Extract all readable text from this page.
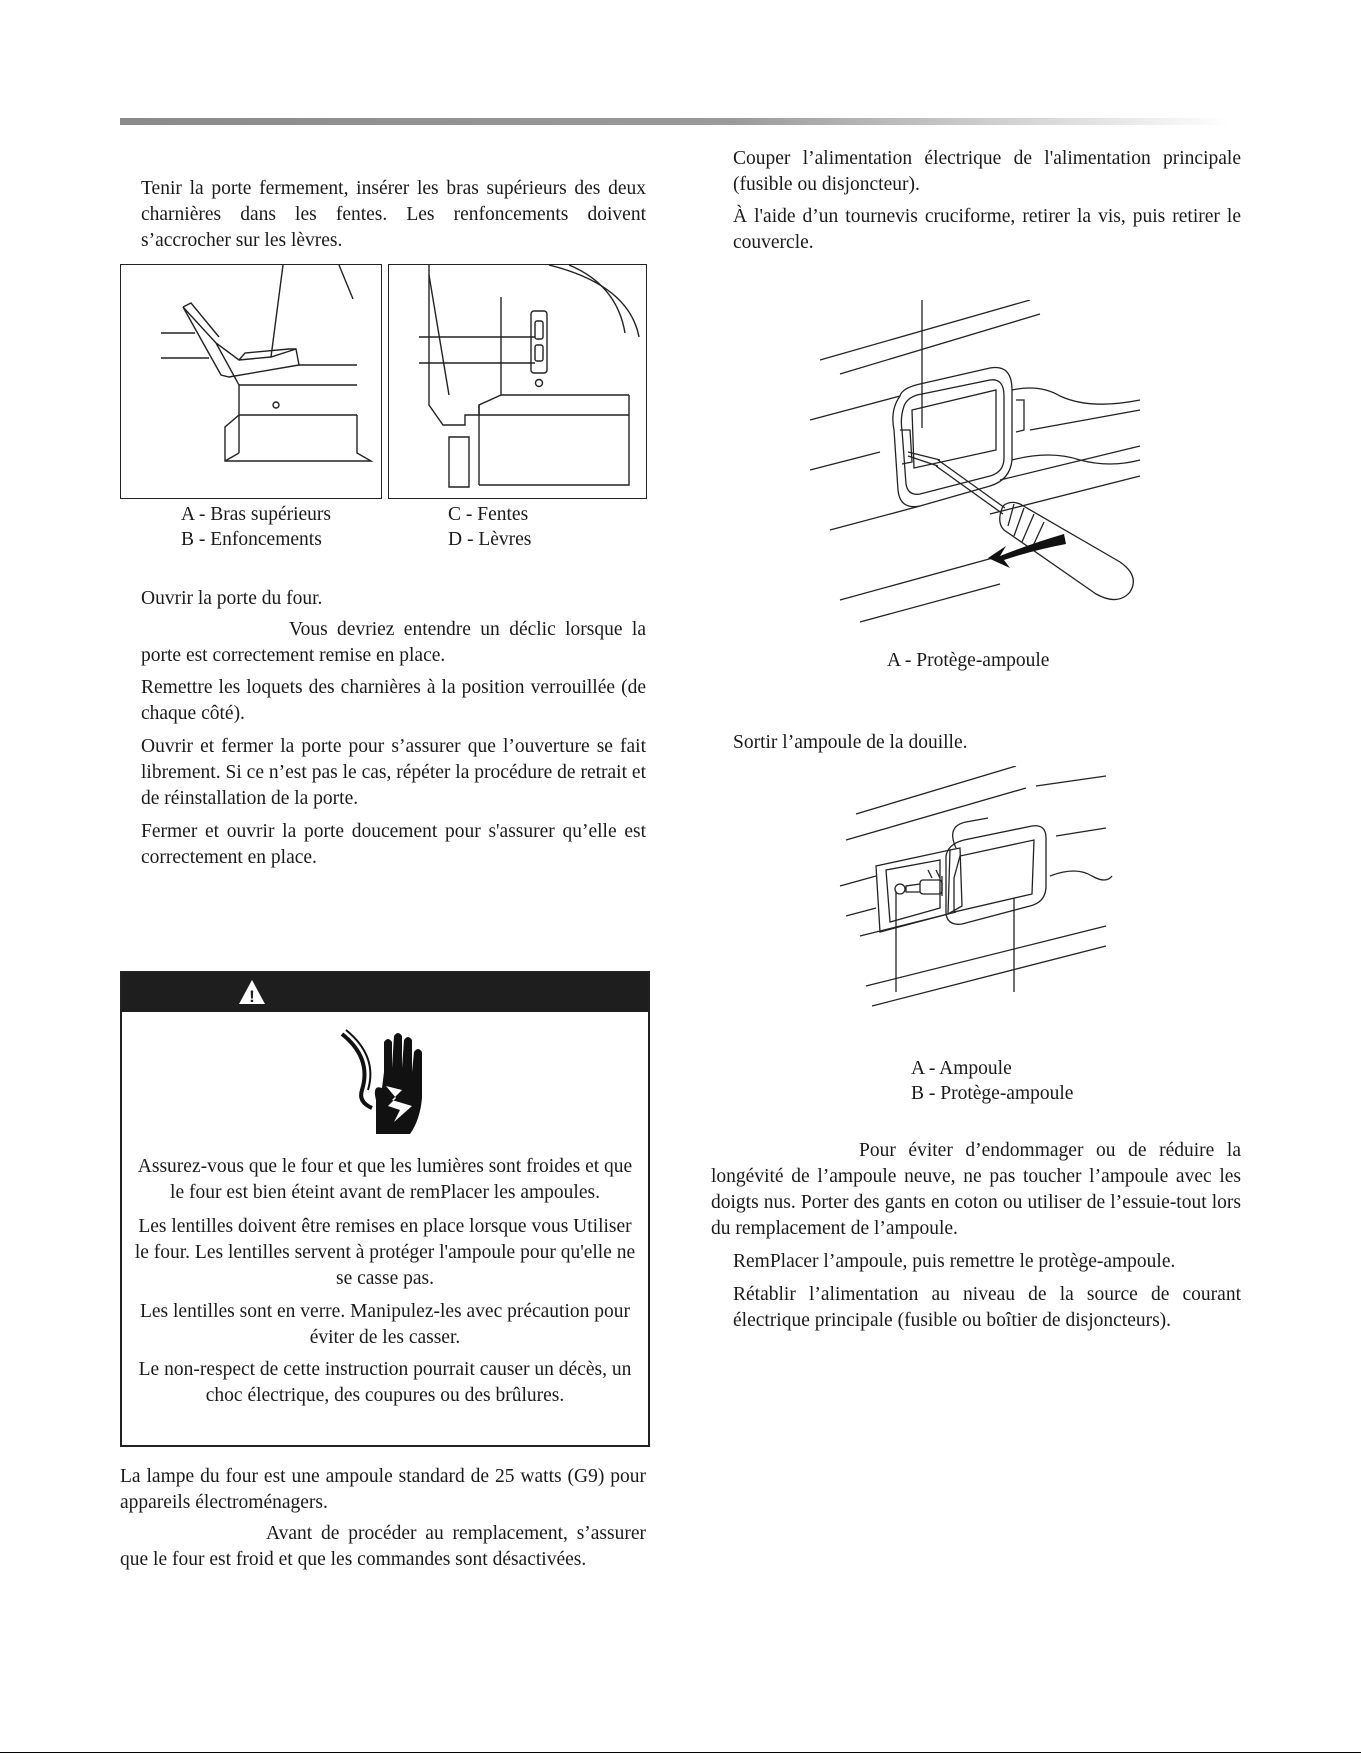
Tenir la porte fermement, insérer les bras supérieurs des deux charnières dans les fentes. Les renfoncements doivent s’accrocher sur les lèvres.

A - Bras supérieurs

B - Enfoncements

C - Fentes

D - Lèvres

Ouvrir la porte du four.

Vous devriez entendre un déclic lorsque la porte est correctement remise en place.

Remettre les loquets des charnières à la position verrouillée (de chaque côté).

Ouvrir et fermer la porte pour s’assurer que l’ouverture se fait librement. Si ce n’est pas le cas, répéter la procédure de retrait et de réinstallation de la porte.

Fermer et ouvrir la porte doucement pour s'assurer qu’elle est correctement en place.

!

Assurez-vous que le four et que les lumières sont froides et que le four est bien éteint avant de remPlacer les ampoules.

Les lentilles doivent être remises en place lorsque vous Utiliser le four. Les lentilles servent à protéger l'ampoule pour qu'elle ne se casse pas.

Les lentilles sont en verre. Manipulez-les avec précaution pour éviter de les casser.

Le non-respect de cette instruction pourrait causer un décès, un choc électrique, des coupures ou des brûlures.

La lampe du four est une ampoule standard de 25 watts (G9) pour appareils électroménagers.

Avant de procéder au remplacement, s’assurer que le four est froid et que les commandes sont désactivées.

Couper l’alimentation électrique de l'alimentation principale (fusible ou disjoncteur).

À l'aide d’un tournevis cruciforme, retirer la vis, puis retirer le couvercle.

A - Protège-ampoule

Sortir l’ampoule de la douille.

A - Ampoule

B - Protège-ampoule

Pour éviter d’endommager ou de réduire la longévité de l’ampoule neuve, ne pas toucher l’ampoule avec les doigts nus. Porter des gants en coton ou utiliser de l’essuie-tout lors du remplacement de l’ampoule.

RemPlacer l’ampoule, puis remettre le protège-ampoule.

Rétablir l’alimentation au niveau de la source de courant électrique principale (fusible ou boîtier de disjoncteurs).
